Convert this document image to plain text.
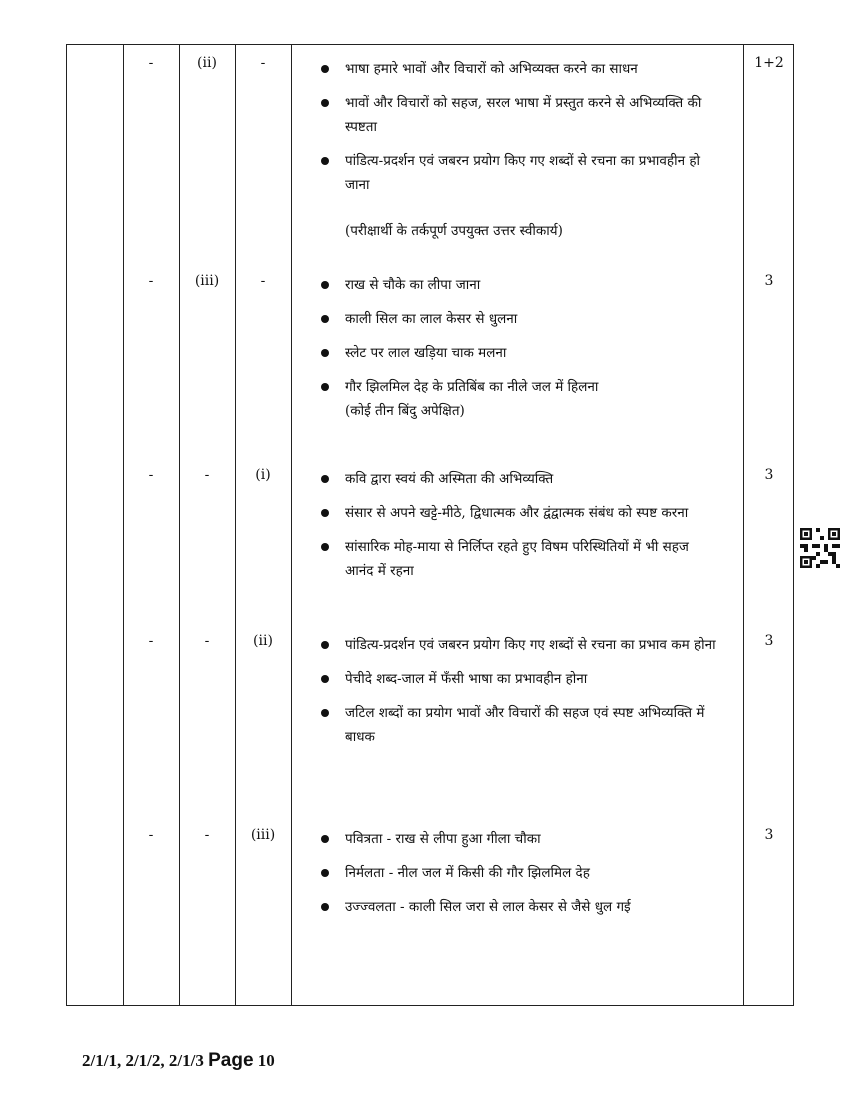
-	(ii)	-	1+2
भाषा हमारे भावों और विचारों को अभिव्यक्त करने का साधन
भावों और विचारों को सहज, सरल भाषा में प्रस्तुत करने से अभिव्यक्ति की स्पष्टता
पांडित्य-प्रदर्शन एवं जबरन प्रयोग किए गए शब्दों से रचना का प्रभावहीन हो जाना
(परीक्षार्थी के तर्कपूर्ण उपयुक्त उत्तर स्वीकार्य)
-	(iii)	-	3
राख से चौके का लीपा जाना
काली सिल का लाल केसर से धुलना
स्लेट पर लाल खड़िया चाक मलना
गौर झिलमिल देह के प्रतिबिंब का नीले जल में हिलना
(कोई तीन बिंदु अपेक्षित)
-	-	(i)	3
कवि द्वारा स्वयं की अस्मिता की अभिव्यक्ति
संसार से अपने खट्टे-मीठे, द्विधात्मक और द्वंद्वात्मक संबंध को स्पष्ट करना
सांसारिक मोह-माया से निर्लिप्त रहते हुए विषम परिस्थितियों में भी सहज आनंद में रहना
-	-	(ii)	3
पांडित्य-प्रदर्शन एवं जबरन प्रयोग किए गए शब्दों से रचना का प्रभाव कम होना
पेचीदे शब्द-जाल में फँसी भाषा का प्रभावहीन होना
जटिल शब्दों का प्रयोग भावों और विचारों की सहज एवं स्पष्ट अभिव्यक्ति में बाधक
-	-	(iii)	3
पवित्रता - राख से लीपा हुआ गीला चौका
निर्मलता - नील जल में किसी की गौर झिलमिल देह
उज्ज्वलता - काली सिल जरा से लाल केसर से जैसे धुल गई
2/1/1, 2/1/2, 2/1/3 Page 10
